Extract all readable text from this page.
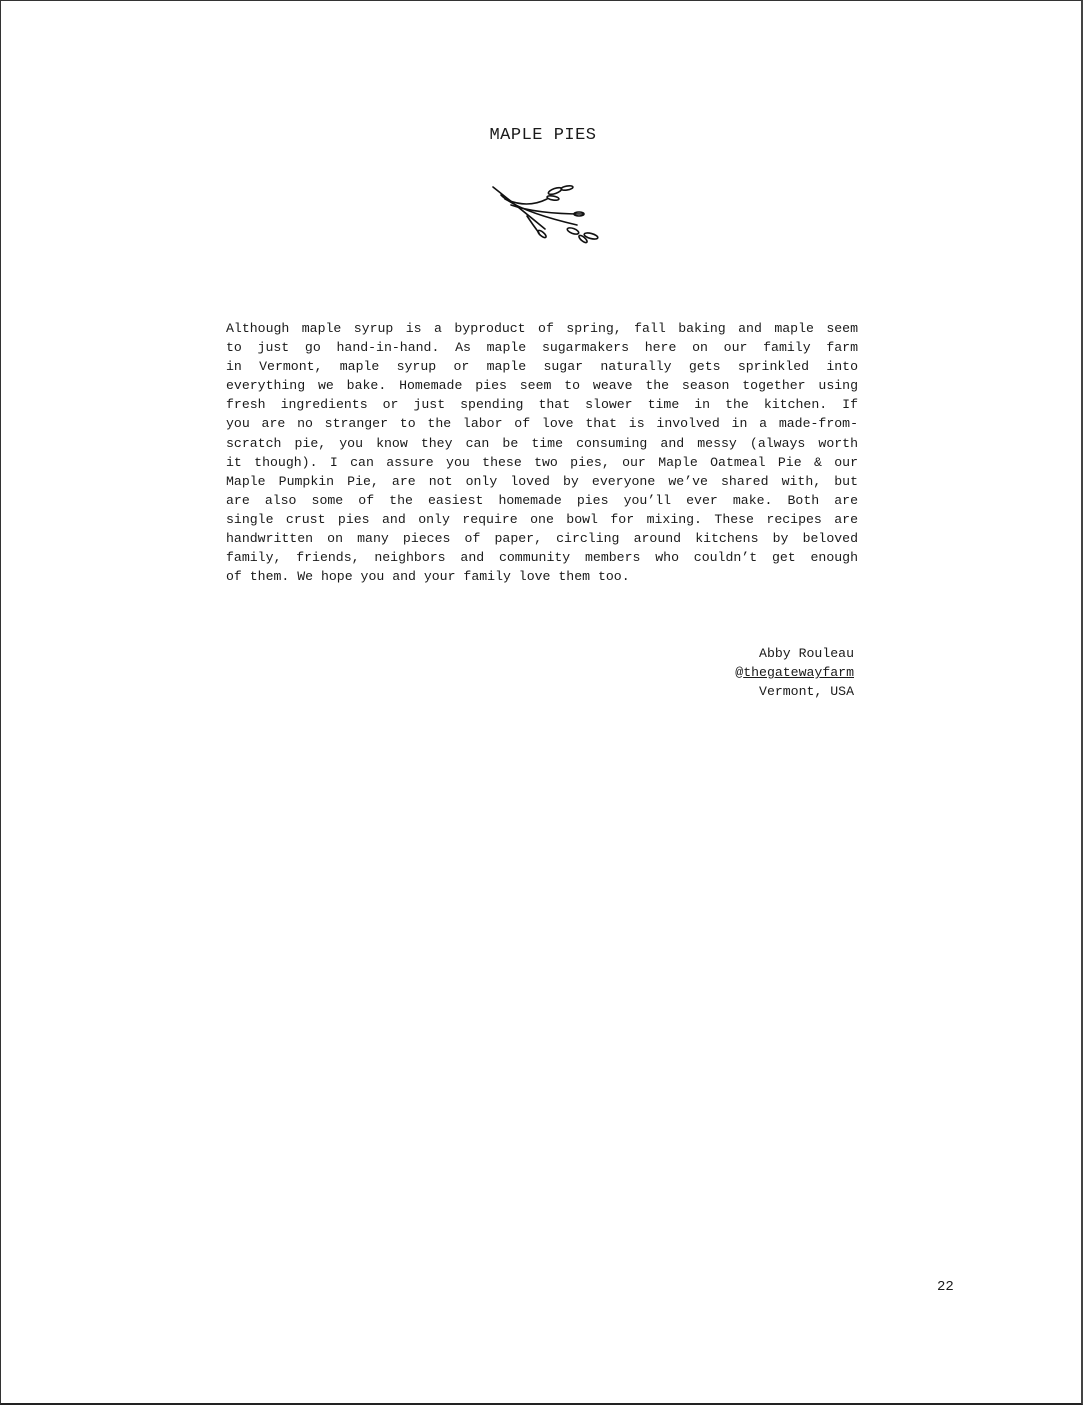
MAPLE PIES
Although maple syrup is a byproduct of spring, fall baking and maple seem
to just go hand-in-hand. As maple sugarmakers here on our family farm
in Vermont, maple syrup or maple sugar naturally gets sprinkled into
everything we bake. Homemade pies seem to weave the season together using
fresh ingredients or just spending that slower time in the kitchen. If
you are no stranger to the labor of love that is involved in a made-from-
scratch pie, you know they can be time consuming and messy (always worth
it though). I can assure you these two pies, our Maple Oatmeal Pie & our
Maple Pumpkin Pie, are not only loved by everyone we’ve shared with, but
are also some of the easiest homemade pies you’ll ever make. Both are
single crust pies and only require one bowl for mixing. These recipes are
handwritten on many pieces of paper, circling around kitchens by beloved
family, friends, neighbors and community members who couldn’t get enough
of them. We hope you and your family love them too.
Abby Rouleau
@thegatewayfarm
Vermont, USA
22
